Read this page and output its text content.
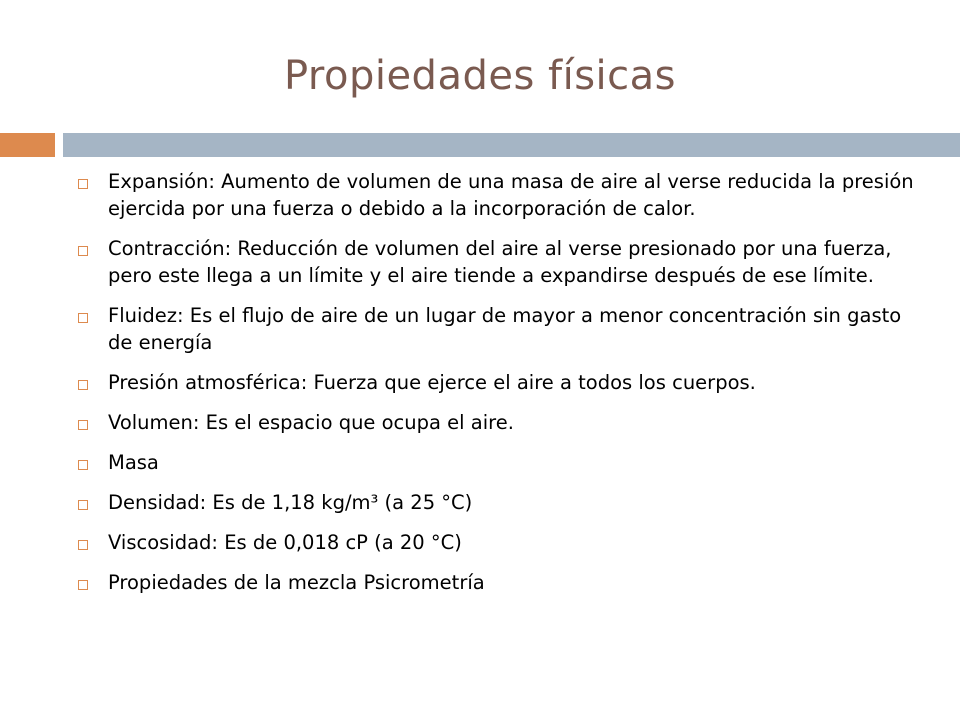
Propiedades físicas
Expansión: Aumento de volumen de una masa de aire al verse reducida la presión ejercida por una fuerza o debido a la incorporación de calor.
Contracción: Reducción de volumen del aire al verse presionado por una fuerza, pero este llega a un límite y el aire tiende a expandirse después de ese límite.
Fluidez: Es el flujo de aire de un lugar de mayor a menor concentración sin gasto de energía
Presión atmosférica: Fuerza que ejerce el aire a todos los cuerpos.
Volumen: Es el espacio que ocupa el aire.
Masa
Densidad: Es de 1,18 kg/m³ (a 25 °C)
Viscosidad: Es de 0,018 cP (a 20 °C)
Propiedades de la mezcla Psicrometría
